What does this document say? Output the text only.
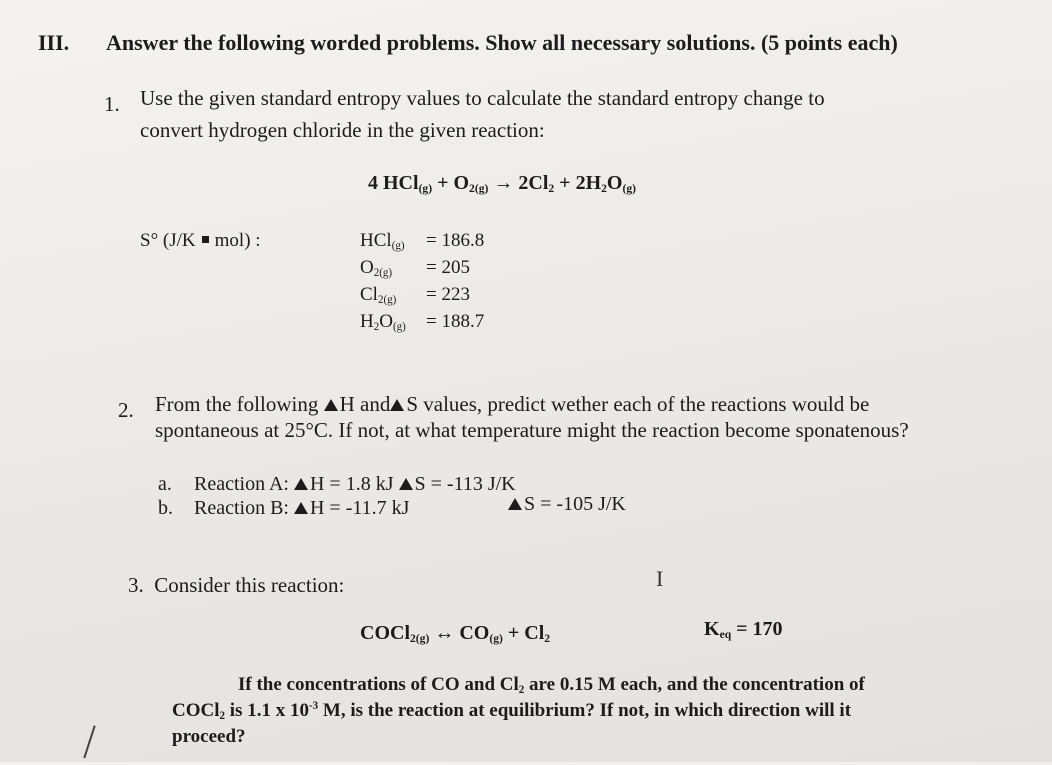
III. Answer the following worded problems. Show all necessary solutions. (5 points each)
1. Use the given standard entropy values to calculate the standard entropy change to
convert hydrogen chloride in the given reaction:
4 $HCl_{(g)} + O_{2(g)} \to 2Cl_2 + 2H_2O_{(g)}$
S° (J/K mol) :	HCl$_{(g)}$ = 186.8
$O_{2(g)} = 205$
$Cl_{2(g)} = 223$
$H_2O_{(g)} = 188.7$
2. From the following H and S values, predict wether each of the reactions would be
spontaneous at 25°C. If not, at what temperature might the reaction become sponatenous?
a. Reaction A: H = 1.8 kJ S = -113 J/K
b. Reaction B: H = -11.7 kJ	S = -105 J/K
3. Consider this reaction:	I
COCl$_{2(g)}$ ↔ $CO_{(g)} + Cl_2$	$K_{eq} = 170$
If the concentrations of CO and $Cl_2$ are 0.15 M each, and the concentration of
COCl$_2$ is 1.1 x $10^{-3}$ M, is the reaction at equilibrium? If not, in which direction will it
proceed?
